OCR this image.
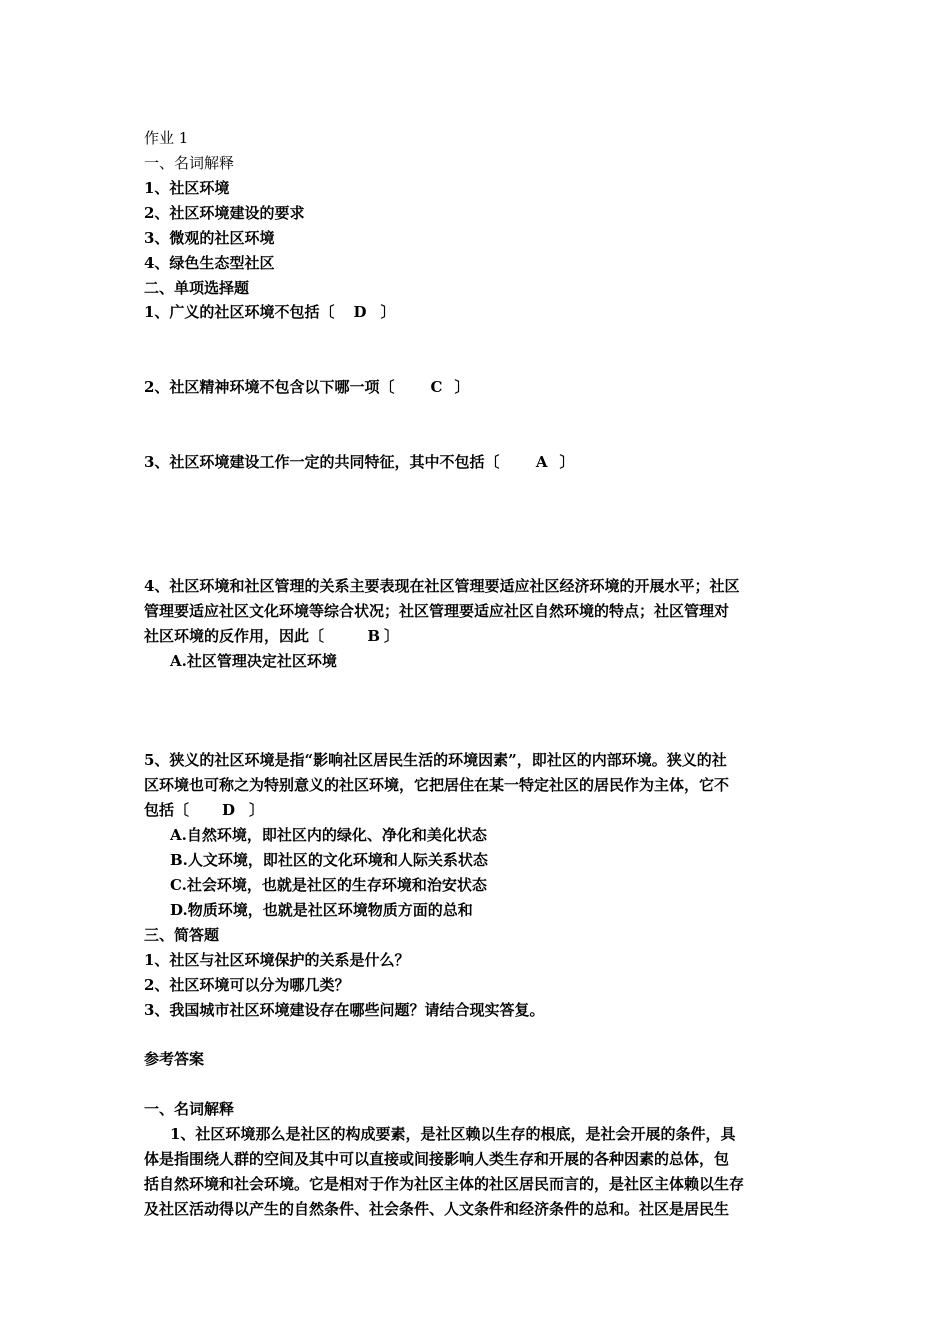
作业 1
一、名词解释
1、社区环境
2、社区环境建设的要求
3、微观的社区环境
4、绿色生态型社区
二、单项选择题
1、广义的社区环境不包括〔 D 〕
2、社区精神环境不包含以下哪一项〔 C 〕
3、社区环境建设工作一定的共同特征，其中不包括〔 A 〕
4、社区环境和社区管理的关系主要表现在社区管理要适应社区经济环境的开展水平；社区
管理要适应社区文化环境等综合状况；社区管理要适应社区自然环境的特点；社区管理对
社区环境的反作用，因此〔	B 〕
A.社区管理决定社区环境
5、狭义的社区环境是指“影响社区居民生活的环境因素”，即社区的内部环境。狭义的社
区环境也可称之为特别意义的社区环境，它把居住在某一特定社区的居民作为主体，它不
包括〔 D 〕
A.自然环境，即社区内的绿化、净化和美化状态
B.人文环境，即社区的文化环境和人际关系状态
C.社会环境，也就是社区的生存环境和治安状态
D.物质环境，也就是社区环境物质方面的总和
三、简答题
1、社区与社区环境保护的关系是什么？
2、社区环境可以分为哪几类？
3、我国城市社区环境建设存在哪些问题？请结合现实答复。
参考答案
一、名词解释
1、社区环境那么是社区的构成要素，是社区赖以生存的根底，是社会开展的条件，具
体是指围绕人群的空间及其中可以直接或间接影响人类生存和开展的各种因素的总体，包
括自然环境和社会环境。它是相对于作为社区主体的社区居民而言的，是社区主体赖以生存
及社区活动得以产生的自然条件、社会条件、人文条件和经济条件的总和。社区是居民生
